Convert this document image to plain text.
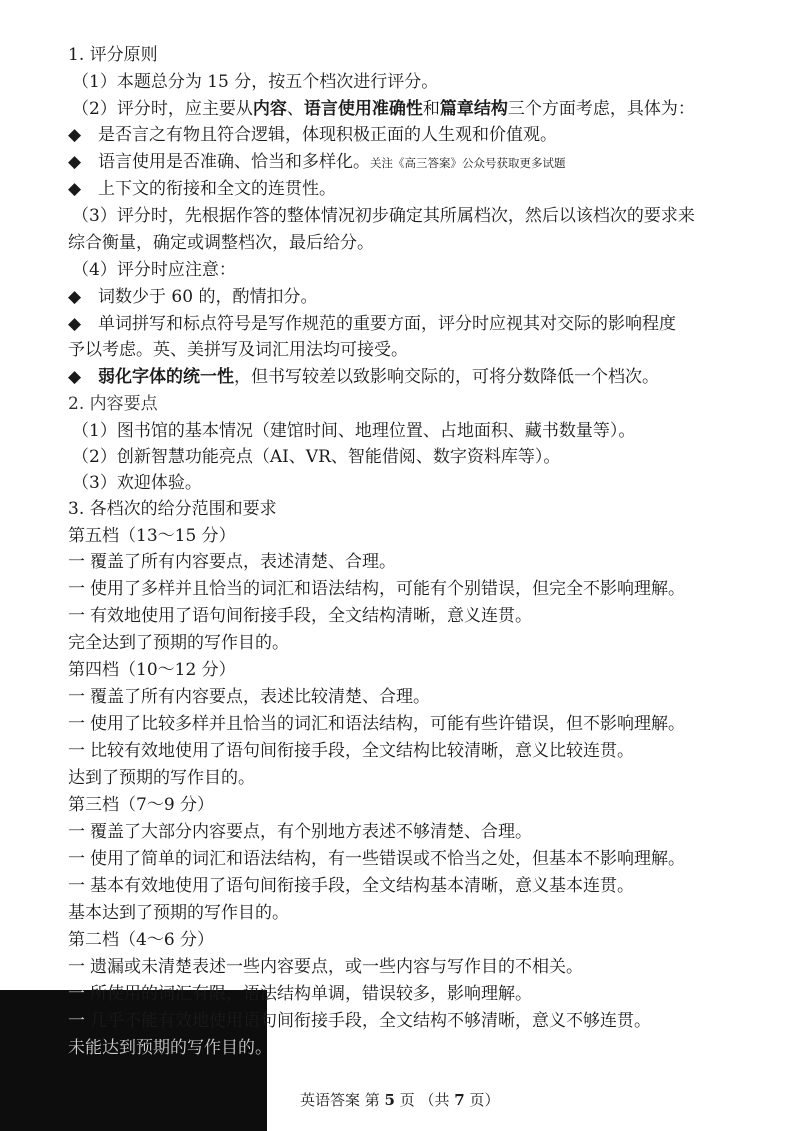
1. 评分原则
（1）本题总分为 15 分，按五个档次进行评分。
（2）评分时，应主要从内容、语言使用准确性和篇章结构三个方面考虑，具体为：
◆ 是否言之有物且符合逻辑，体现积极正面的人生观和价值观。
◆ 语言使用是否准确、恰当和多样化。关注《高三答案》公众号获取更多试题
◆ 上下文的衔接和全文的连贯性。
（3）评分时，先根据作答的整体情况初步确定其所属档次，然后以该档次的要求来
综合衡量，确定或调整档次，最后给分。
（4）评分时应注意：
◆ 词数少于 60 的，酌情扣分。
◆ 单词拼写和标点符号是写作规范的重要方面，评分时应视其对交际的影响程度
予以考虑。英、美拼写及词汇用法均可接受。
◆ 弱化字体的统一性，但书写较差以致影响交际的，可将分数降低一个档次。
2. 内容要点
（1）图书馆的基本情况（建馆时间、地理位置、占地面积、藏书数量等）。
（2）创新智慧功能亮点（AI、VR、智能借阅、数字资料库等）。
（3）欢迎体验。
3. 各档次的给分范围和要求
第五档（13～15 分）
一 覆盖了所有内容要点，表述清楚、合理。
一 使用了多样并且恰当的词汇和语法结构，可能有个别错误，但完全不影响理解。
一 有效地使用了语句间衔接手段，全文结构清晰，意义连贯。
完全达到了预期的写作目的。
第四档（10～12 分）
一 覆盖了所有内容要点，表述比较清楚、合理。
一 使用了比较多样并且恰当的词汇和语法结构，可能有些许错误，但不影响理解。
一 比较有效地使用了语句间衔接手段，全文结构比较清晰，意义比较连贯。
达到了预期的写作目的。
第三档（7～9 分）
一 覆盖了大部分内容要点，有个别地方表述不够清楚、合理。
一 使用了简单的词汇和语法结构，有一些错误或不恰当之处，但基本不影响理解。
一 基本有效地使用了语句间衔接手段，全文结构基本清晰，意义基本连贯。
基本达到了预期的写作目的。
第二档（4～6 分）
一 遗漏或未清楚表述一些内容要点，或一些内容与写作目的不相关。
一 所使用的词汇有限，语法结构单调，错误较多，影响理解。
一 几乎不能有效地使用语句间衔接手段，全文结构不够清晰，意义不够连贯。
未能达到预期的写作目的。
英语答案 第 5 页 （共 7 页）
